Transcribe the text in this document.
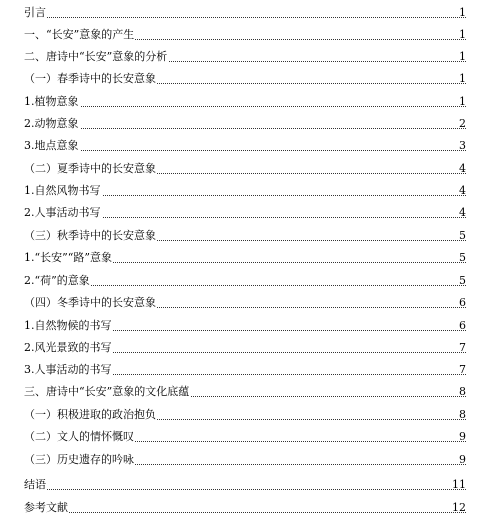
引言	1
一、“长安”意象的产生	1
二、唐诗中“长安”意象的分析	1
（一）春季诗中的长安意象	1
1.植物意象	1
2.动物意象	2
3.地点意象	3
（二）夏季诗中的长安意象	4
1.自然风物书写	4
2.人事活动书写	4
（三）秋季诗中的长安意象	5
1.“长安”“路”意象	5
2.“荷”的意象	5
（四）冬季诗中的长安意象	6
1.自然物候的书写	6
2.风光景致的书写	7
3.人事活动的书写	7
三、唐诗中“长安”意象的文化底蕴	8
（一）积极进取的政治抱负	8
（二）文人的情怀慨叹	9
（三）历史遗存的吟咏	9
结语	11
参考文献	12
